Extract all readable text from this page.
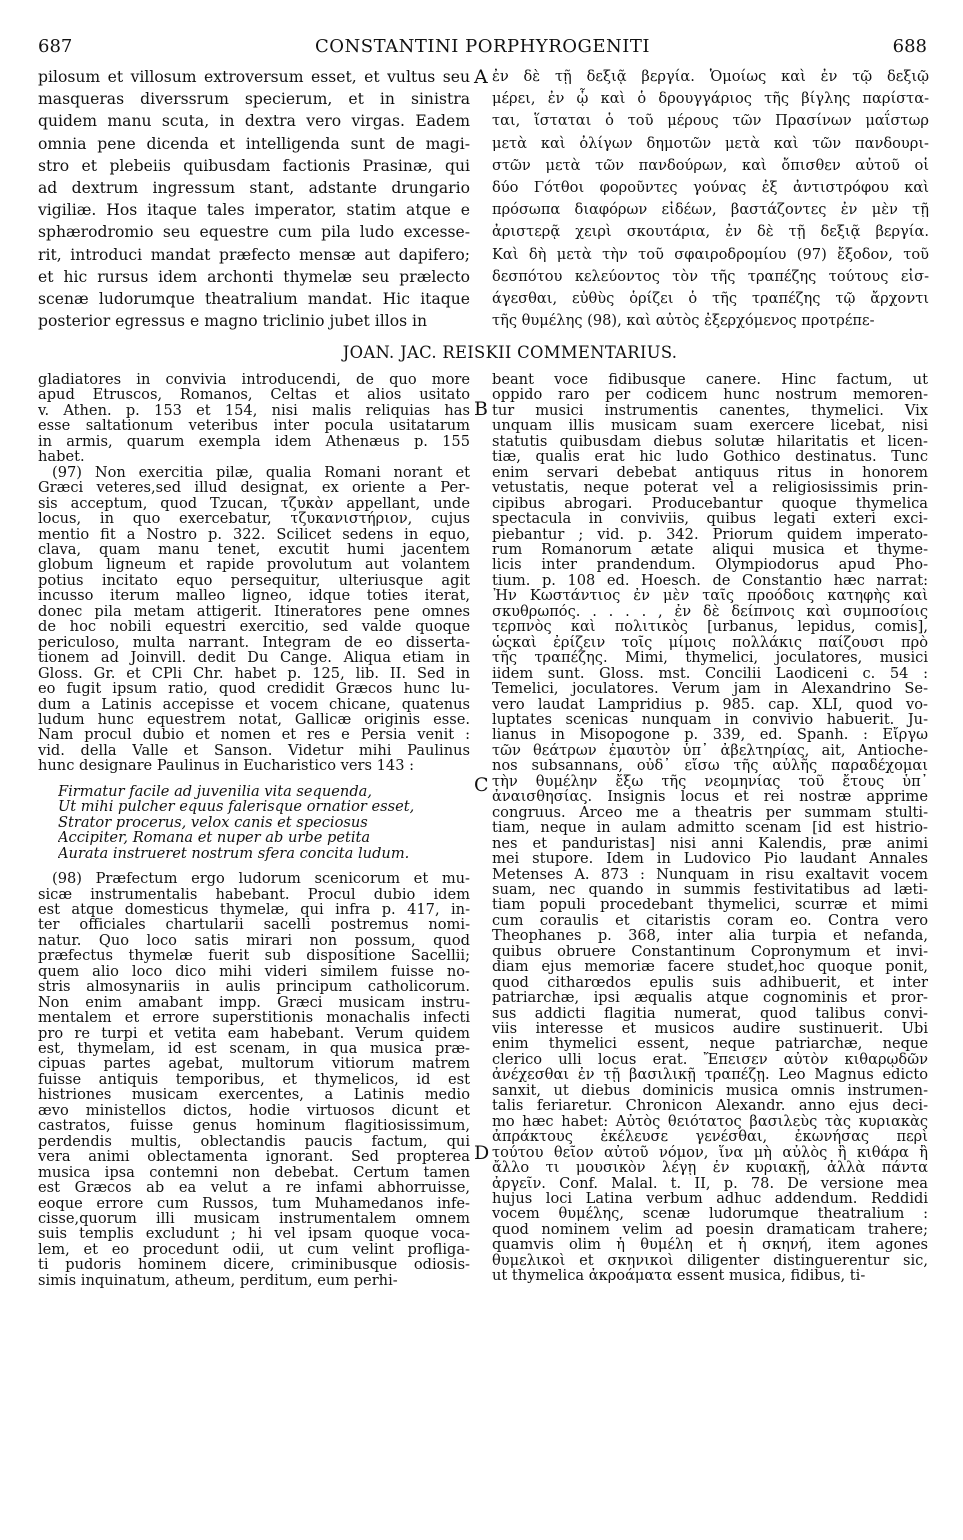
687	CONSTANTINI PORPHYROGENITI	688
A
B
C
D
pilosum et villosum extroversum esset, et vultus seu
masqueras diverssrum specierum, et in sinistra
quidem manu scuta, in dextra vero virgas. Eadem
omnia pene dicenda et intelligenda sunt de magi-
stro et plebeiis quibusdam factionis Prasinæ, qui
ad dextrum ingressum stant, adstante drungario
vigiliæ. Hos itaque tales imperator, statim atque e
sphærodromio seu equestre cum pila ludo excesse-
rit, introduci mandat præfecto mensæ aut dapifero;
et hic rursus idem archonti thymelæ seu prælecto
scenæ ludorumque theatralium mandat. Hic itaque
posterior egressus e magno triclinio jubet illos in
ἐν δὲ τῇ δεξιᾷ βεργία. Ὁμοίως καὶ ἐν τῷ δεξιῷ
μέρει, ἐν ᾧ καὶ ὁ δρουγγάριος τῆς βίγλης παρίστα-
ται, ἵσταται ὁ τοῦ μέρους τῶν Πρασίνων μαΐστωρ
μετὰ καὶ ὀλίγων δημοτῶν μετὰ καὶ τῶν πανδουρι-
στῶν μετὰ τῶν πανδούρων, καὶ ὄπισθεν αὐτοῦ οἱ
δύο Γότθοι φοροῦντες γούνας ἐξ ἀντιστρόφου καὶ
πρόσωπα διαφόρων εἰδέων, βαστάζοντες ἐν μὲν τῇ
ἀριστερᾷ χειρὶ σκουτάρια, ἐν δὲ τῇ δεξιᾷ βεργία.
Καὶ δὴ μετὰ τὴν τοῦ σφαιροδρομίου (97) ἔξοδον, τοῦ
δεσπότου κελεύοντος τὸν τῆς τραπέζης τούτους εἰσ-
άγεσθαι, εὐθὺς ὁρίζει ὁ τῆς τραπέζης τῷ ἄρχοντι
τῆς θυμέλης (98), καὶ αὐτὸς ἐξερχόμενος προτρέπε-
JOAN. JAC. REISKII COMMENTARIUS.
gladiatores in convivia introducendi, de quo more
apud Etruscos, Romanos, Celtas et alios usitato
v. Athen. p. 153 et 154, nisi malis reliquias has
esse saltationum veteribus inter pocula usitatarum
in armis, quarum exempla idem Athenæus p. 155
habet.
(97) Non exercitia pilæ, qualia Romani norant et
Græci veteres,sed illud designat, ex oriente a Per-
sis acceptum, quod Tzucan, τζυκὰν appellant, unde
locus, in quo exercebatur, τζυκανιστήριον, cujus
mentio fit a Nostro p. 322. Scilicet sedens in equo,
clava, quam manu tenet, excutit humi jacentem
globum ligneum et rapide provolutum aut volantem
potius incitato equo persequitur, ulteriusque agit
incusso iterum malleo ligneo, idque toties iterat,
donec pila metam attigerit. Itineratores pene omnes
de hoc nobili equestri exercitio, sed valde quoque
periculoso, multa narrant. Integram de eo disserta-
tionem ad Joinvill. dedit Du Cange. Aliqua etiam in
Gloss. Gr. et CPli Chr. habet p. 125, lib. II. Sed in
eo fugit ipsum ratio, quod credidit Græcos hunc lu-
dum a Latinis accepisse et vocem chicane, quatenus
ludum hunc equestrem notat, Gallicæ originis esse.
Nam procul dubio et nomen et res e Persia venit :
vid. della Valle et Sanson. Videtur mihi Paulinus
hunc designare Paulinus in Eucharistico vers 143 :
Firmatur facile ad juvenilia vita sequenda,
Ut mihi pulcher equus falerisque ornatior esset,
Strator procerus, velox canis et speciosus
Accipiter, Romana et nuper ab urbe petita
Aurata instrueret nostrum sfera concita ludum.
(98) Præfectum ergo ludorum scenicorum et mu-
sicæ instrumentalis habebant. Procul dubio idem
est atque domesticus thymelæ, qui infra p. 417, in-
ter officiales chartularii sacelli postremus nomi-
natur. Quo loco satis mirari non possum, quod
præfectus thymelæ fuerit sub dispositione Sacellii;
quem alio loco dico mihi videri similem fuisse no-
stris almosynariis in aulis principum catholicorum.
Non enim amabant impp. Græci musicam instru-
mentalem et errore superstitionis monachalis infecti
pro re turpi et vetita eam habebant. Verum quidem
est, thymelam, id est scenam, in qua musica præ-
cipuas partes agebat, multorum vitiorum matrem
fuisse antiquis temporibus, et thymelicos, id est
histriones musicam exercentes, a Latinis medio
ævo ministellos dictos, hodie virtuosos dicunt et
castratos, fuisse genus hominum flagitiosissimum,
perdendis multis, oblectandis paucis factum, qui
vera animi oblectamenta ignorant. Sed propterea
musica ipsa contemni non debebat. Certum tamen
est Græcos ab ea velut a re infami abhorruisse,
eoque errore cum Russos, tum Muhamedanos infe-
cisse,quorum illi musicam instrumentalem omnem
suis templis excludunt ; hi vel ipsam quoque voca-
lem, et eo procedunt odii, ut cum velint profliga-
ti pudoris hominem dicere, criminibusque odiosis-
simis inquinatum, atheum, perditum, eum perhi-
beant voce fidibusque canere. Hinc factum, ut
oppido raro per codicem hunc nostrum memoren-
tur musici instrumentis canentes, thymelici. Vix
unquam illis musicam suam exercere licebat, nisi
statutis quibusdam diebus solutæ hilaritatis et licen-
tiæ, qualis erat hic ludo Gothico destinatus. Tunc
enim servari debebat antiquus ritus in honorem
vetustatis, neque poterat vel a religiosissimis prin-
cipibus abrogari. Producebantur quoque thymelica
spectacula in conviviis, quibus legati exteri exci-
piebantur ; vid. p. 342. Priorum quidem imperato-
rum Romanorum ætate aliqui musica et thyme-
licis inter prandendum. Olympiodorus apud Pho-
tium. p. 108 ed. Hoesch. de Constantio hæc narrat:
Ἦν Κωστάντιος ἐν μὲν ταῖς προόδοις κατηφὴς καὶ
σκυθρωπός. . . . . , ἐν δὲ δείπνοις καὶ συμποσίοις
τερπνὸς καὶ πολιτικὸς [urbanus, lepidus, comis],
ὡςκαὶ ἐρίζειν τοῖς μίμοις πολλάκις παίζουσι πρὸ
τῆς τραπέζης. Mimi, thymelici, joculatores, musici
iidem sunt. Gloss. mst. Concilii Laodiceni c. 54 :
Temelici, joculatores. Verum jam in Alexandrino Se-
vero laudat Lampridius p. 985. cap. XLI, quod vo-
luptates scenicas nunquam in convivio habuerit. Ju-
lianus in Misopogone p. 339, ed. Spanh. : Εἴργω
τῶν θεάτρων ἐμαυτὸν ὑπ᾽ ἀβελτηρίας, ait, Antioche-
nos subsannans, οὐδ᾽ εἴσω τῆς αὐλῆς παραδέχομαι
τὴν θυμέλην ἔξω τῆς νεομηνίας τοῦ ἔτους ὑπ᾽
ἀναισθησίας. Insignis locus et rei nostræ apprime
congruus. Arceo me a theatris per summam stulti-
tiam, neque in aulam admitto scenam [id est histrio-
nes et panduristas] nisi anni Kalendis, præ animi
mei stupore. Idem in Ludovico Pio laudant Annales
Metenses A. 873 : Nunquam in risu exaltavit vocem
suam, nec quando in summis festivitatibus ad læti-
tiam populi procedebant thymelici, scurræ et mimi
cum coraulis et citaristis coram eo. Contra vero
Theophanes p. 368, inter alia turpia et nefanda,
quibus obruere Constantinum Copronymum et invi-
diam ejus memoriæ facere studet,hoc quoque ponit,
quod citharœdos epulis suis adhibuerit, et inter
patriarchæ, ipsi æqualis atque cognominis et pror-
sus addicti flagitia numerat, quod talibus convi-
viis interesse et musicos audire sustinuerit. Ubi
enim thymelici essent, neque patriarchæ, neque
clerico ulli locus erat. Ἔπεισεν αὐτὸν κιθαρῳδῶν
ἀνέχεσθαι ἐν τῇ βασιλικῇ τραπέζῃ. Leo Magnus edicto
sanxit, ut diebus dominicis musica omnis instrumen-
talis feriaretur. Chronicon Alexandr. anno ejus deci-
mo hæc habet: Αὐτὸς θειότατος βασιλεὺς τὰς κυριακὰς
ἀπράκτους ἐκέλευσε γενέσθαι, ἐκωνήσας περὶ
τούτου θεῖον αὐτοῦ νόμον, ἵνα μὴ αὐλὸς ἢ κιθάρα ἢ
ἄλλο τι μουσικὸν λέγῃ ἐν κυριακῇ, ἀλλὰ πάντα
ἀργεῖν. Conf. Malal. t. II, p. 78. De versione mea
hujus loci Latina verbum adhuc addendum. Reddidi
vocem θυμέλης, scenæ ludorumque theatralium :
quod nominem velim ad poesin dramaticam trahere;
quamvis olim ἡ θυμέλη et ἡ σκηνή, item agones
θυμελικοὶ et σκηνικοὶ diligenter distinguerentur sic,
ut thymelica ἀκροάματα essent musica, fidibus, ti-
